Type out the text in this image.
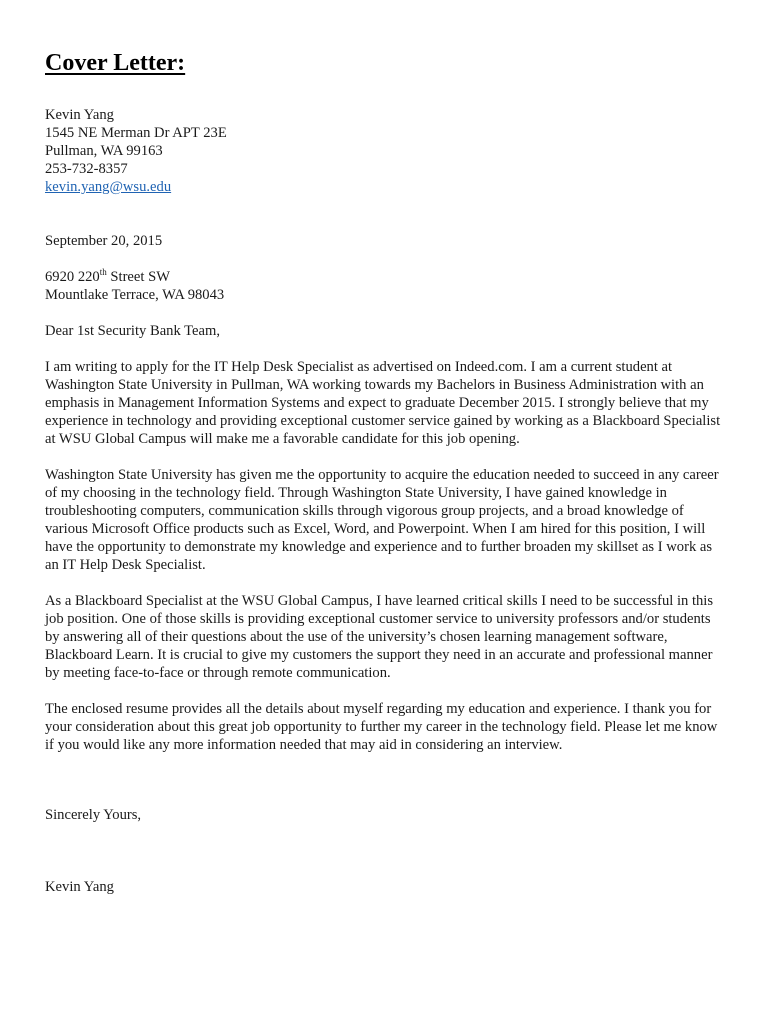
Cover Letter:
Kevin Yang
1545 NE Merman Dr APT 23E
Pullman, WA 99163
253-732-8357
kevin.yang@wsu.edu
September 20, 2015
6920 220th Street SW
Mountlake Terrace, WA 98043
Dear 1st Security Bank Team,
I am writing to apply for the IT Help Desk Specialist as advertised on Indeed.com. I am a current student at Washington State University in Pullman, WA working towards my Bachelors in Business Administration with an emphasis in Management Information Systems and expect to graduate December 2015. I strongly believe that my experience in technology and providing exceptional customer service gained by working as a Blackboard Specialist at WSU Global Campus will make me a favorable candidate for this job opening.
Washington State University has given me the opportunity to acquire the education needed to succeed in any career of my choosing in the technology field. Through Washington State University, I have gained knowledge in troubleshooting computers, communication skills through vigorous group projects, and a broad knowledge of various Microsoft Office products such as Excel, Word, and Powerpoint. When I am hired for this position, I will have the opportunity to demonstrate my knowledge and experience and to further broaden my skillset as I work as an IT Help Desk Specialist.
As a Blackboard Specialist at the WSU Global Campus, I have learned critical skills I need to be successful in this job position. One of those skills is providing exceptional customer service to university professors and/or students by answering all of their questions about the use of the university’s chosen learning management software, Blackboard Learn. It is crucial to give my customers the support they need in an accurate and professional manner by meeting face-to-face or through remote communication.
The enclosed resume provides all the details about myself regarding my education and experience. I thank you for your consideration about this great job opportunity to further my career in the technology field. Please let me know if you would like any more information needed that may aid in considering an interview.
Sincerely Yours,
Kevin Yang
